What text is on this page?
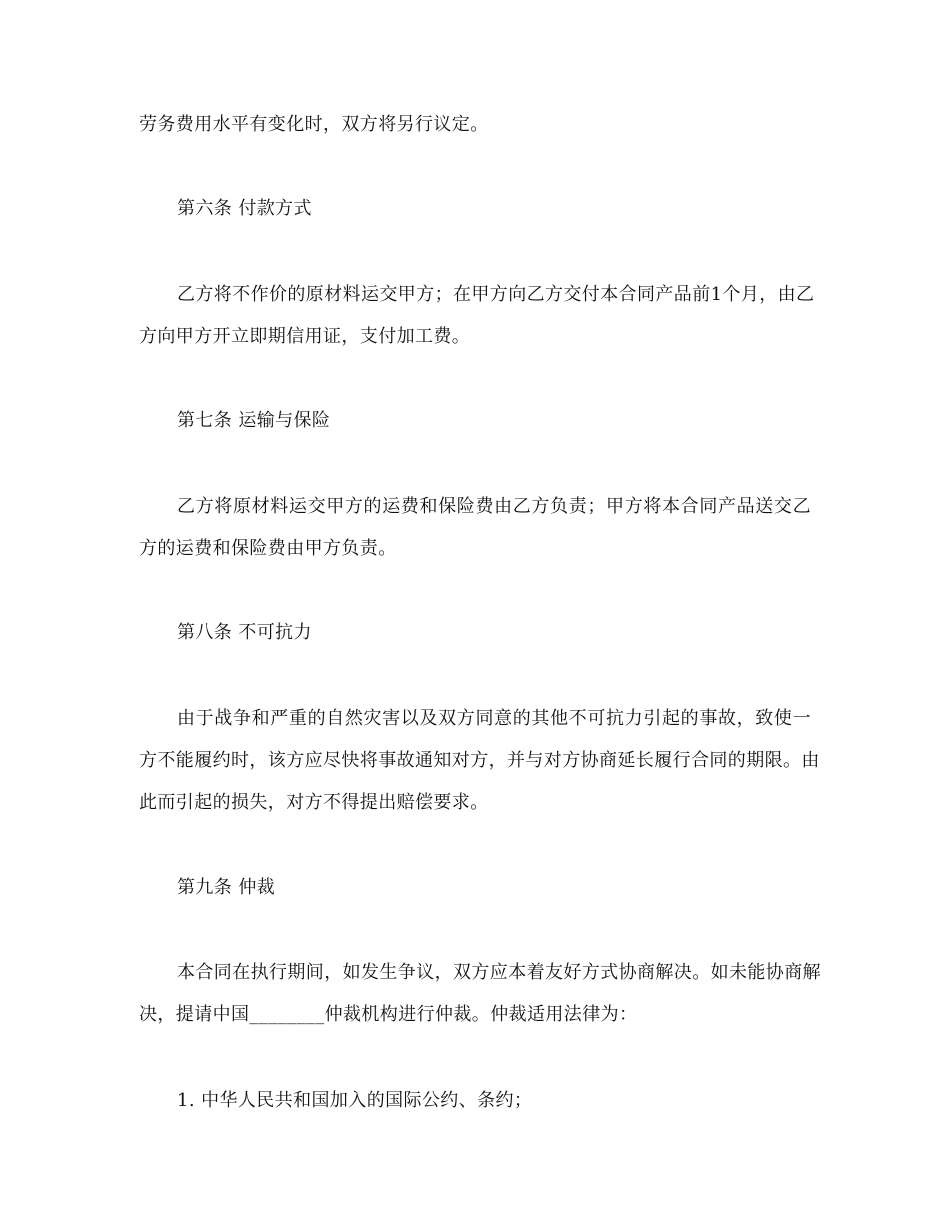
劳务费用水平有变化时，双方将另行议定。
第六条 付款方式
乙方将不作价的原材料运交甲方；在甲方向乙方交付本合同产品前1个月，由乙
方向甲方开立即期信用证，支付加工费。
第七条 运输与保险
乙方将原材料运交甲方的运费和保险费由乙方负责；甲方将本合同产品送交乙
方的运费和保险费由甲方负责。
第八条 不可抗力
由于战争和严重的自然灾害以及双方同意的其他不可抗力引起的事故，致使一
方不能履约时，该方应尽快将事故通知对方，并与对方协商延长履行合同的期限。由
此而引起的损失，对方不得提出赔偿要求。
第九条 仲裁
本合同在执行期间，如发生争议，双方应本着友好方式协商解决。如未能协商解
决，提请中国________仲裁机构进行仲裁。仲裁适用法律为：
1. 中华人民共和国加入的国际公约、条约；
